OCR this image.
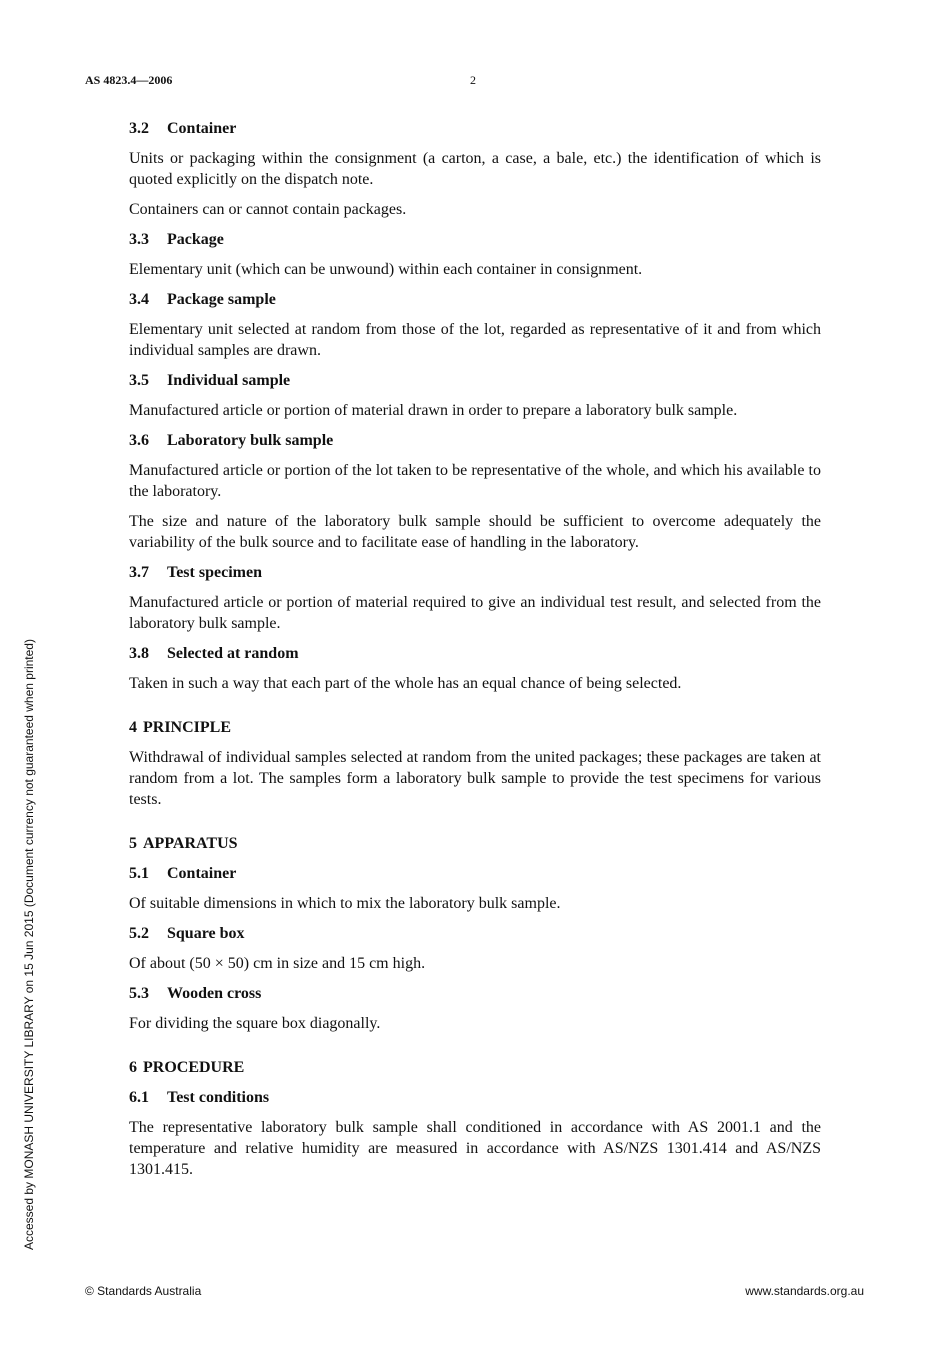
AS 4823.4—2006	2
3.2 Container

Units or packaging within the consignment (a carton, a case, a bale, etc.) the identification of which is quoted explicitly on the dispatch note.

Containers can or cannot contain packages.

3.3 Package

Elementary unit (which can be unwound) within each container in consignment.

3.4 Package sample

Elementary unit selected at random from those of the lot, regarded as representative of it and from which individual samples are drawn.

3.5 Individual sample

Manufactured article or portion of material drawn in order to prepare a laboratory bulk sample.

3.6 Laboratory bulk sample

Manufactured article or portion of the lot taken to be representative of the whole, and which his available to the laboratory.

The size and nature of the laboratory bulk sample should be sufficient to overcome adequately the variability of the bulk source and to facilitate ease of handling in the laboratory.

3.7 Test specimen

Manufactured article or portion of material required to give an individual test result, and selected from the laboratory bulk sample.

3.8 Selected at random

Taken in such a way that each part of the whole has an equal chance of being selected.

4 PRINCIPLE

Withdrawal of individual samples selected at random from the united packages; these packages are taken at random from a lot. The samples form a laboratory bulk sample to provide the test specimens for various tests.

5 APPARATUS
5.1 Container

Of suitable dimensions in which to mix the laboratory bulk sample.

5.2 Square box

Of about (50 × 50) cm in size and 15 cm high.

5.3 Wooden cross

For dividing the square box diagonally.

6 PROCEDURE
6.1 Test conditions

The representative laboratory bulk sample shall conditioned in accordance with AS 2001.1 and the temperature and relative humidity are measured in accordance with AS/NZS 1301.414 and AS/NZS 1301.415.

Accessed by MONASH UNIVERSITY LIBRARY on 15 Jun 2015 (Document currency not guaranteed when printed)
© Standards Australia	www.standards.org.au
